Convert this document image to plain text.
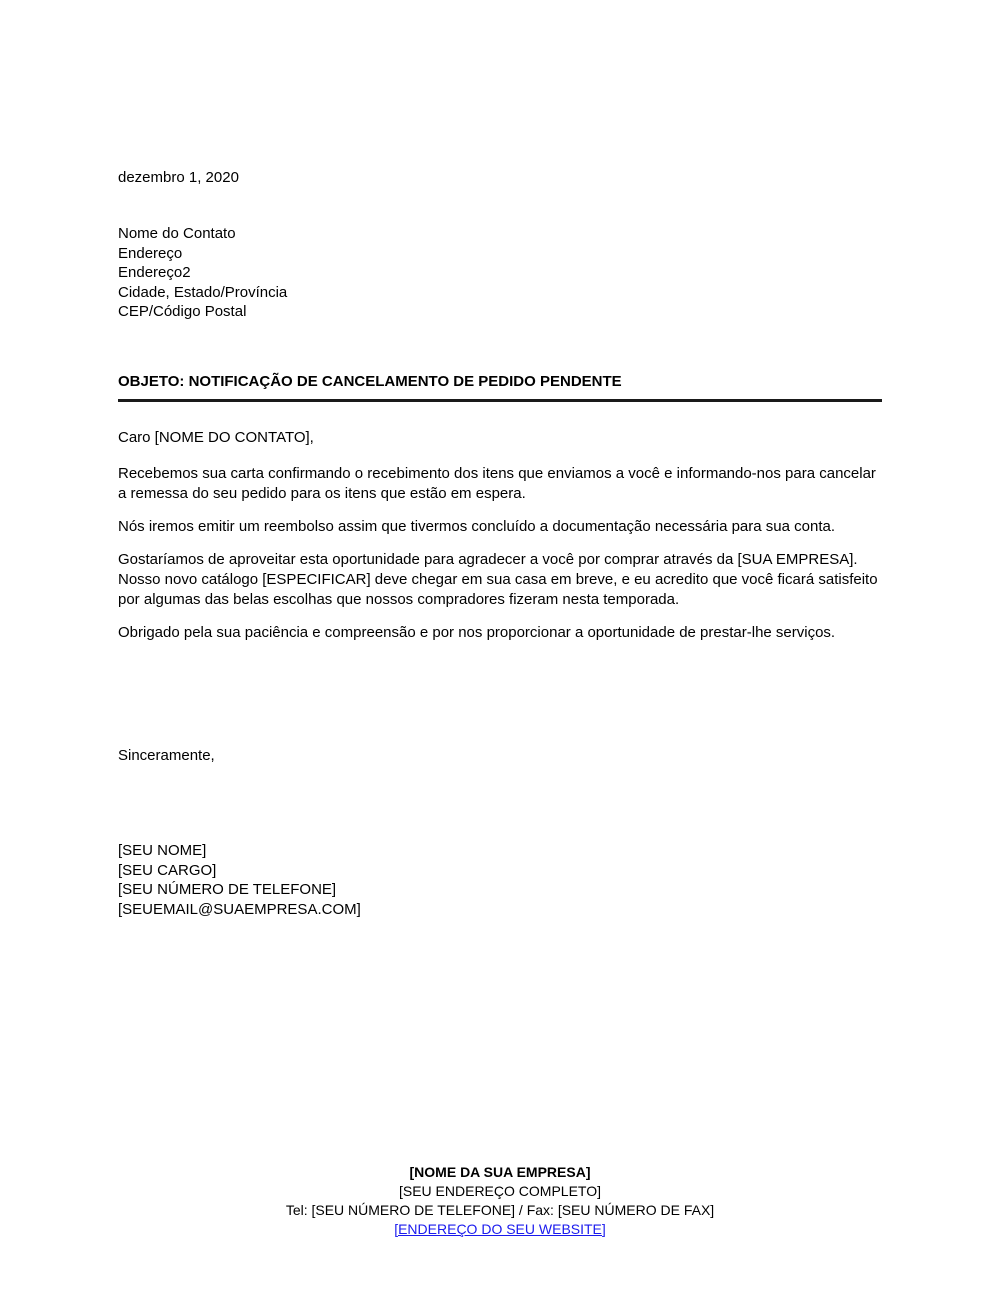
dezembro 1, 2020
Nome do Contato
Endereço
Endereço2
Cidade, Estado/Província
CEP/Código Postal
OBJETO: NOTIFICAÇÃO DE CANCELAMENTO DE PEDIDO PENDENTE

Caro [NOME DO CONTATO],

Recebemos sua carta confirmando o recebimento dos itens que enviamos a você e informando-nos para cancelar a remessa do seu pedido para os itens que estão em espera.

Nós iremos emitir um reembolso assim que tivermos concluído a documentação necessária para sua conta.

Gostaríamos de aproveitar esta oportunidade para agradecer a você por comprar através da [SUA EMPRESA]. Nosso novo catálogo [ESPECIFICAR] deve chegar em sua casa em breve, e eu acredito que você ficará satisfeito por algumas das belas escolhas que nossos compradores fizeram nesta temporada.

Obrigado pela sua paciência e compreensão e por nos proporcionar a oportunidade de prestar-lhe serviços.

Sinceramente,
[SEU NOME]
[SEU CARGO]
[SEU NÚMERO DE TELEFONE]
[SEUEMAIL@SUAEMPRESA.COM]
[NOME DA SUA EMPRESA]
[SEU ENDEREÇO COMPLETO]
Tel: [SEU NÚMERO DE TELEFONE] / Fax: [SEU NÚMERO DE FAX]
[ENDEREÇO DO SEU WEBSITE]
